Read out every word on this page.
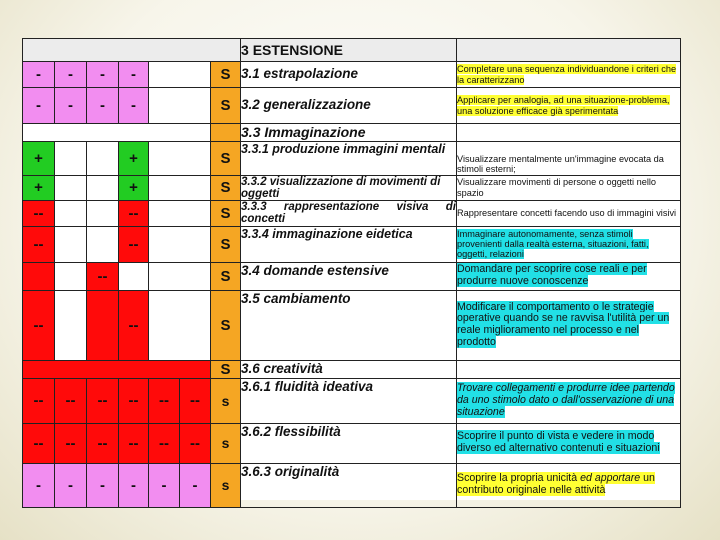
							3 ESTENSIONE	
-	-	-	-			S	3.1 estrapolazione	Completare una sequenza individuandone i criteri che la caratterizzano
-	-	-	-			S	3.2 generalizzazione	Applicare per analogia, ad una situazione-problema, una soluzione efficace già sperimentata
							3.3 Immaginazione	
+			+			S	3.3.1 produzione immagini mentali	Visualizzare mentalmente un'immagine evocata da stimoli esterni;
+			+			S	3.3.2 visualizzazione di movimenti di oggetti	Visualizzare movimenti di persone o oggetti nello spazio
--			--			S	3.3.3 rappresentazione visiva di concetti	Rappresentare concetti facendo uso di immagini visivi
--			--			S	3.3.4 immaginazione eidetica	Immaginare autonomamente, senza stimoli provenienti dalla realtà esterna, situazioni, fatti, oggetti, relazioni
		--				S	3.4 domande estensive	Domandare per scoprire cose reali e per produrre nuove conoscenze
--			--			S	3.5 cambiamento	Modificare il comportamento o le strategie operative quando se ne ravvisa l'utilità per un reale miglioramento nel processo e nel prodotto
						S	3.6 creatività	
--	--	--	--	--	--	s	3.6.1 fluidità ideativa	Trovare collegamenti e produrre idee partendo da uno stimolo dato o dall'osservazione di una situazione
--	--	--	--	--	--	s	3.6.2 flessibilità	Scoprire il punto di vista e vedere in modo diverso ed alternativo contenuti e situazioni
-	-	-	-	-	-	s	3.6.3 originalità	Scoprire la propria unicità ed apportare un contributo originale nelle attività
